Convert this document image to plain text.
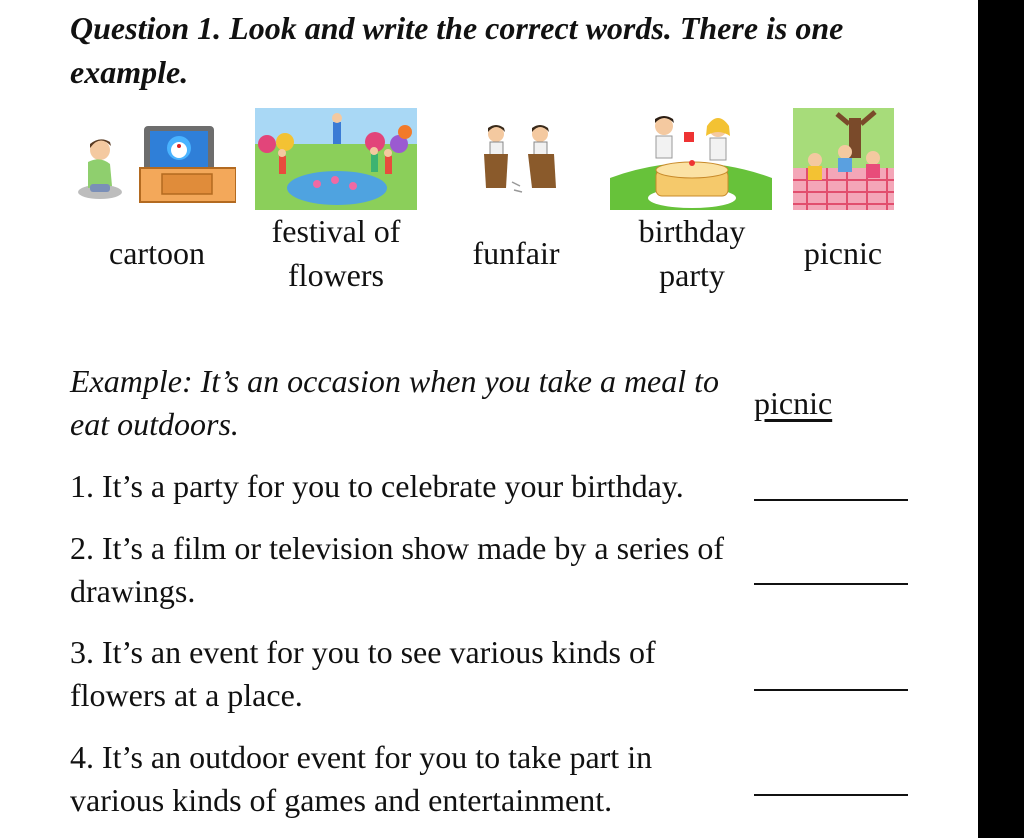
Question 1. Look and write the correct words. There is one example.
cartoon
festival of
flowers
funfair
birthday
party
picnic
Example: It’s an occasion when you take a meal to eat outdoors.
picnic
1. It’s a party for you to celebrate your birthday.
2. It’s a film or television show made by a series of drawings.
3. It’s an event for you to see various kinds of flowers at a place.
4. It’s an outdoor event for you to take part in various kinds of games and entertainment.
